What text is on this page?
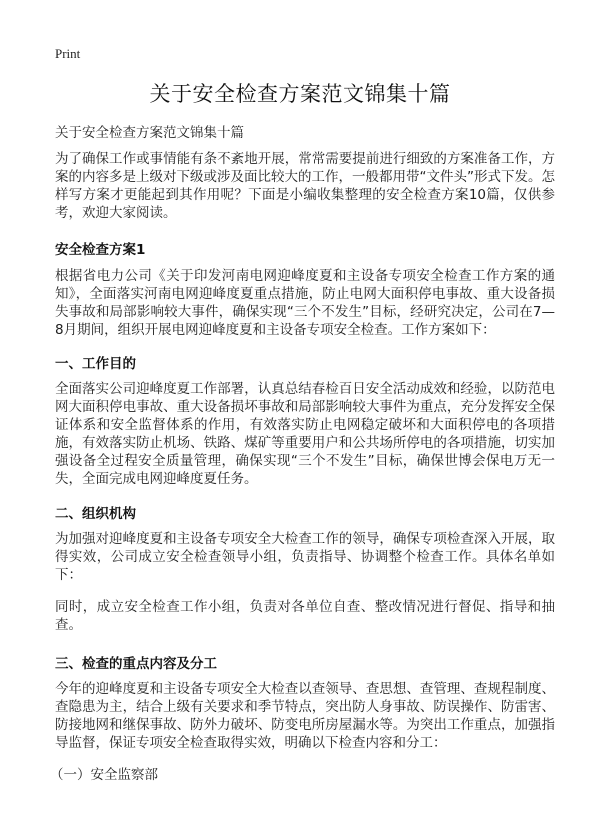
Print
关于安全检查方案范文锦集十篇
关于安全检查方案范文锦集十篇

为了确保工作或事情能有条不紊地开展，常常需要提前进行细致的方案准备工作，方案的内容多是上级对下级或涉及面比较大的工作，一般都用带“文件头”形式下发。怎样写方案才更能起到其作用呢？下面是小编收集整理的安全检查方案10篇，仅供参考，欢迎大家阅读。

安全检查方案1

根据省电力公司《关于印发河南电网迎峰度夏和主设备专项安全检查工作方案的通知》，全面落实河南电网迎峰度夏重点措施，防止电网大面积停电事故、重大设备损失事故和局部影响较大事件，确保实现“三个不发生”目标，经研究决定，公司在7—8月期间，组织开展电网迎峰度夏和主设备专项安全检查。工作方案如下：

一、工作目的

全面落实公司迎峰度夏工作部署，认真总结春检百日安全活动成效和经验，以防范电网大面积停电事故、重大设备损坏事故和局部影响较大事件为重点，充分发挥安全保证体系和安全监督体系的作用，有效落实防止电网稳定破坏和大面积停电的各项措施，有效落实防止机场、铁路、煤矿等重要用户和公共场所停电的各项措施，切实加强设备全过程安全质量管理，确保实现“三个不发生”目标，确保世博会保电万无一失，全面完成电网迎峰度夏任务。

二、组织机构

为加强对迎峰度夏和主设备专项安全大检查工作的领导，确保专项检查深入开展，取得实效，公司成立安全检查领导小组，负责指导、协调整个检查工作。具体名单如下：

同时，成立安全检查工作小组，负责对各单位自查、整改情况进行督促、指导和抽查。

三、检查的重点内容及分工

今年的迎峰度夏和主设备专项安全大检查以查领导、查思想、查管理、查规程制度、查隐患为主，结合上级有关要求和季节特点，突出防人身事故、防误操作、防雷害、防接地网和继保事故、防外力破坏、防变电所房屋漏水等。为突出工作重点，加强指导监督，保证专项安全检查取得实效，明确以下检查内容和分工：

（一）安全监察部
